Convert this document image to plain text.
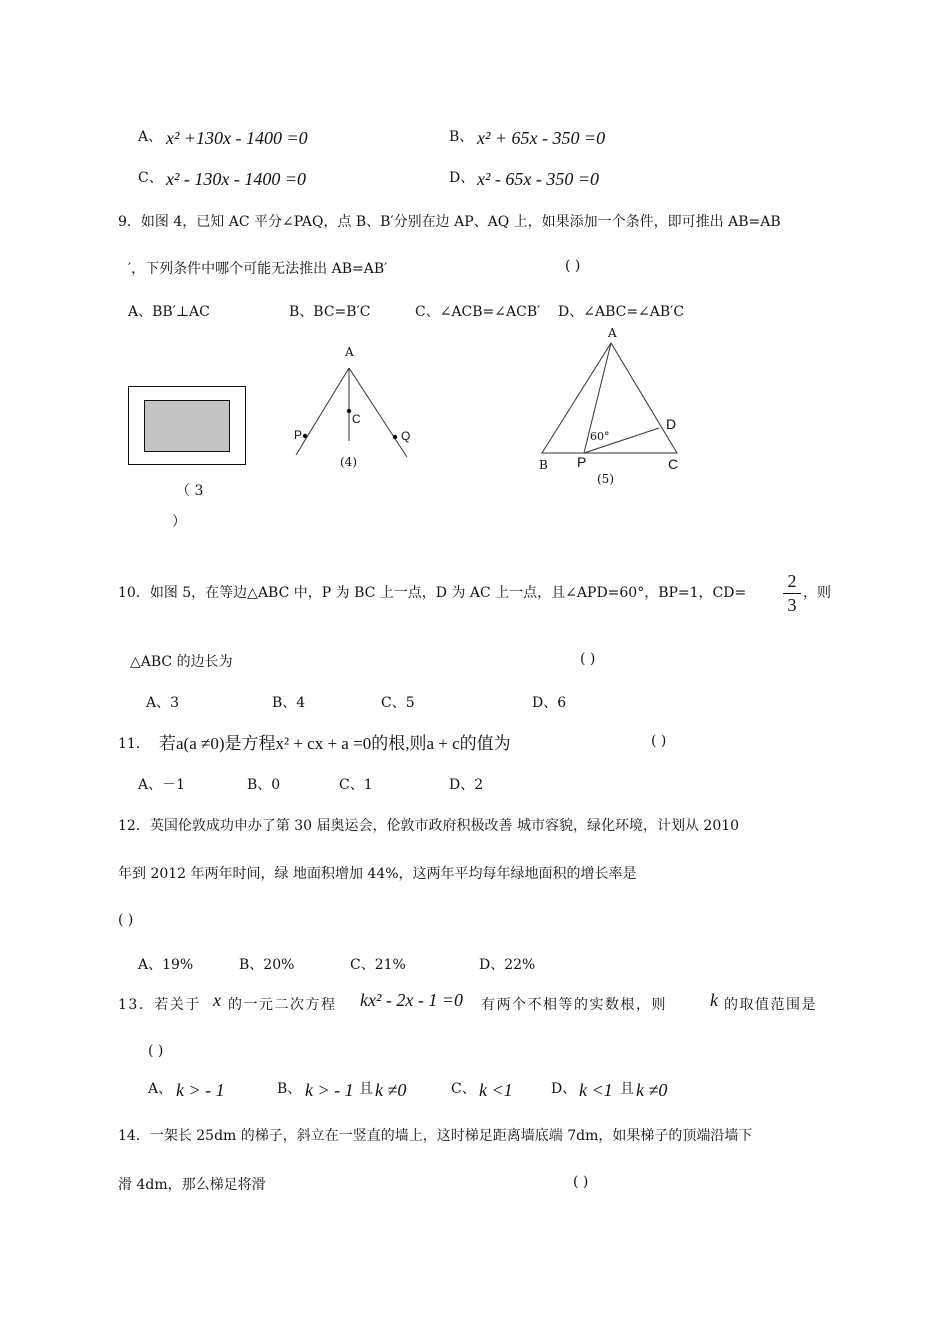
A、 x² +130x - 1400 =0	B、 x² + 65x - 350 =0
C、 x² - 130x - 1400 =0	D、 x² - 65x - 350 =0
9．如图 4，已知 AC 平分∠PAQ，点 B、B′分别在边 AP、AQ 上，如果添加一个条件，即可推出 AB=AB
′，下列条件中哪个可能无法推出 AB=AB′	( )
A、BB′⊥AC	B、BC=B′C	C、∠ACB=∠ACB′ D、∠ABC=∠AB′C
（ 3
）
A
C
P	Q
(4)
A
B	C
D
P
60°
(5)
10．如图 5，在等边△ABC 中，P 为 BC 上一点，D 为 AC 上一点，且∠APD=60°，BP=1，CD=
2
3
，则
△ABC 的边长为	( )
A、3	B、4	C、5	D、6
11． 若a(a ≠0)是方程x² + cx + a =0的根,则a + c的值为	( )
A、－1	B、0	C、1	D、2
12．英国伦敦成功申办了第 30 届奥运会，伦敦市政府积极改善 城市容貌，绿化环境，计划从 2010
年到 2012 年两年时间，绿 地面积增加 44%，这两年平均每年绿地面积的增长率是
( )
A、19%	B、20%	C、21%	D、22%
13．若关于 x 的一元二次方程 kx² - 2x - 1 =0 有两个不相等的实数根，则 k 的取值范围是
( )
A、 k > - 1	B、 k > - 1 且 k ≠0	C、 k <1	D、 k <1 且 k ≠0
14．一架长 25dm 的梯子，斜立在一竖直的墙上，这时梯足距离墙底端 7dm，如果梯子的顶端沿墙下
滑 4dm，那么梯足将滑	( )
